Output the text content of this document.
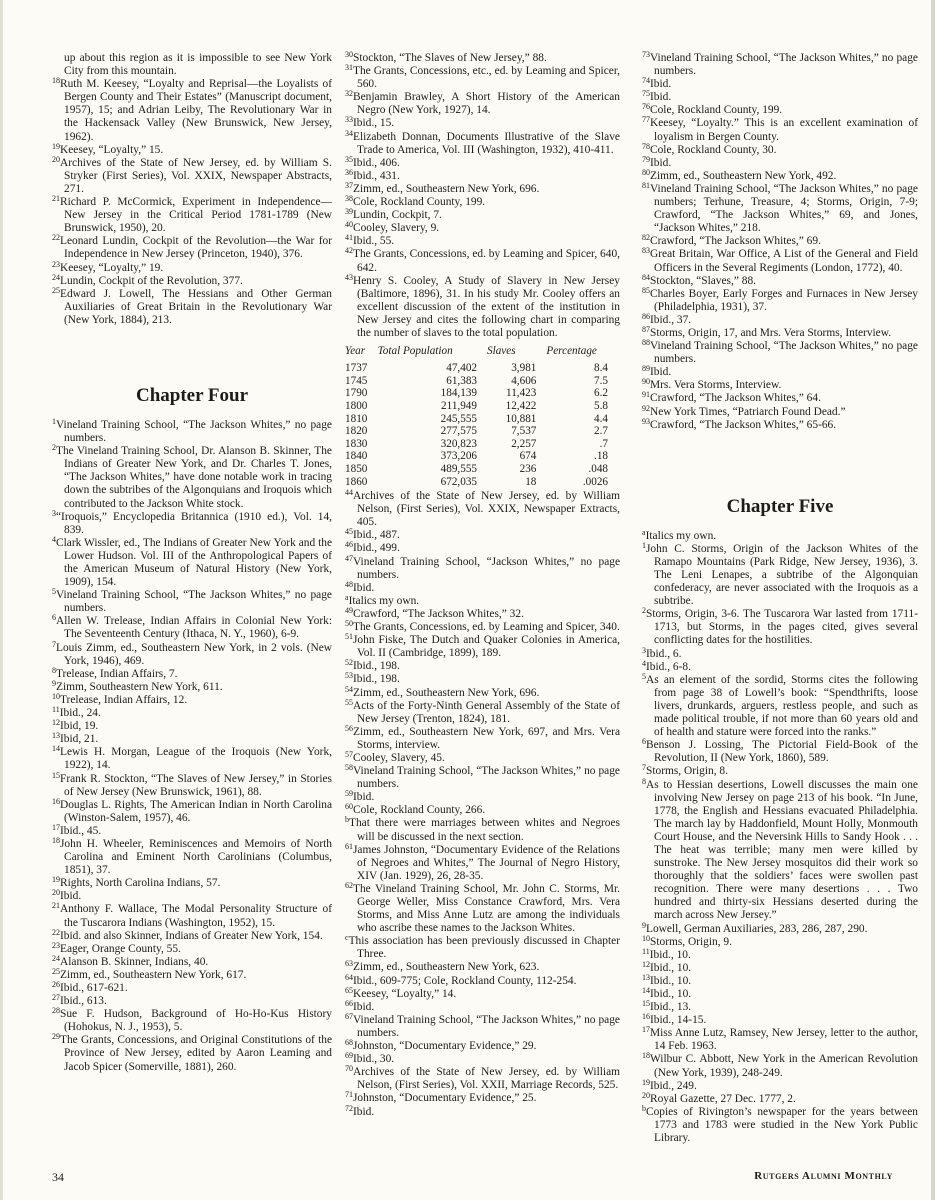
up about this region as it is impossible to see New York City from this mountain.

$^{18}$Ruth M. Keesey, “Loyalty and Reprisal—the Loyalists of Bergen County and Their Estates” (Manuscript document, 1957), 15; and Adrian Leiby, The Revolutionary War in the Hackensack Valley (New Brunswick, New Jersey, 1962).

$^{19}$Keesey, “Loyalty,” 15.

$^{20}$Archives of the State of New Jersey, ed. by William S. Stryker (First Series), Vol. XXIX, Newspaper Abstracts, 271.

$^{21}$Richard P. McCormick, Experiment in Independence—New Jersey in the Critical Period 1781-1789 (New Brunswick, 1950), 20.

$^{22}$Leonard Lundin, Cockpit of the Revolution—the War for Independence in New Jersey (Princeton, 1940), 376.

$^{23}$Keesey, “Loyalty,” 19.

$^{24}$Lundin, Cockpit of the Revolution, 377.

$^{25}$Edward J. Lowell, The Hessians and Other German Auxiliaries of Great Britain in the Revolutionary War (New York, 1884), 213.

Chapter Four

$^1$Vineland Training School, “The Jackson Whites,” no page numbers.

$^2$The Vineland Training School, Dr. Alanson B. Skinner, The Indians of Greater New York, and Dr. Charles T. Jones, “The Jackson Whites,” have done notable work in tracing down the subtribes of the Algonquians and Iroquois which contributed to the Jackson White stock.

$^3$“Iroquois,” Encyclopedia Britannica (1910 ed.), Vol. 14, 839.

$^4$Clark Wissler, ed., The Indians of Greater New York and the Lower Hudson. Vol. III of the Anthropological Papers of the American Museum of Natural History (New York, 1909), 154.

$^5$Vineland Training School, “The Jackson Whites,” no page numbers.

$^6$Allen W. Trelease, Indian Affairs in Colonial New York: The Seventeenth Century (Ithaca, N. Y., 1960), 6-9.

$^7$Louis Zimm, ed., Southeastern New York, in 2 vols. (New York, 1946), 469.

$^8$Trelease, Indian Affairs, 7.

$^9$Zimm, Southeastern New York, 611.

$^{10}$Trelease, Indian Affairs, 12.

$^{11}$Ibid., 24.

$^{12}$Ibid, 19.

$^{13}$Ibid, 21.

$^{14}$Lewis H. Morgan, League of the Iroquois (New York, 1922), 14.

$^{15}$Frank R. Stockton, “The Slaves of New Jersey,” in Stories of New Jersey (New Brunswick, 1961), 88.

$^{16}$Douglas L. Rights, The American Indian in North Carolina (Winston-Salem, 1957), 46.

$^{17}$Ibid., 45.

$^{18}$John H. Wheeler, Reminiscences and Memoirs of North Carolina and Eminent North Carolinians (Columbus, 1851), 37.

$^{19}$Rights, North Carolina Indians, 57.

$^{20}$Ibid.

$^{21}$Anthony F. Wallace, The Modal Personality Structure of the Tuscarora Indians (Washington, 1952), 15.

$^{22}$Ibid. and also Skinner, Indians of Greater New York, 154.

$^{23}$Eager, Orange County, 55.

$^{24}$Alanson B. Skinner, Indians, 40.

$^{25}$Zimm, ed., Southeastern New York, 617.

$^{26}$Ibid., 617-621.

$^{27}$Ibid., 613.

$^{28}$Sue F. Hudson, Background of Ho-Ho-Kus History (Hohokus, N. J., 1953), 5.

$^{29}$The Grants, Concessions, and Original Constitutions of the Province of New Jersey, edited by Aaron Leaming and Jacob Spicer (Somerville, 1881), 260.

$^{30}$Stockton, “The Slaves of New Jersey,” 88.

$^{31}$The Grants, Concessions, etc., ed. by Leaming and Spicer, 560.

$^{32}$Benjamin Brawley, A Short History of the American Negro (New York, 1927), 14.

$^{33}$Ibid., 15.

$^{34}$Elizabeth Donnan, Documents Illustrative of the Slave Trade to America, Vol. III (Washington, 1932), 410-411.

$^{35}$Ibid., 406.

$^{36}$Ibid., 431.

$^{37}$Zimm, ed., Southeastern New York, 696.

$^{38}$Cole, Rockland County, 199.

$^{39}$Lundin, Cockpit, 7.

$^{40}$Cooley, Slavery, 9.

$^{41}$Ibid., 55.

$^{42}$The Grants, Concessions, ed. by Leaming and Spicer, 640, 642.

$^{43}$Henry S. Cooley, A Study of Slavery in New Jersey (Baltimore, 1896), 31. In his study Mr. Cooley offers an excellent discussion of the extent of the institution in New Jersey and cites the following chart in comparing the number of slaves to the total population.

Year	Total Population	Slaves	Percentage
1737	47,402	3,981	8.4
1745	61,383	4,606	7.5
1790	184,139	11,423	6.2
1800	211,949	12,422	5.8
1810	245,555	10,881	4.4
1820	277,575	7,537	2.7
1830	320,823	2,257	.7
1840	373,206	674	.18
1850	489,555	236	.048
1860	672,035	18	.0026

$^{44}$Archives of the State of New Jersey, ed. by William Nelson, (First Series), Vol. XXIX, Newspaper Extracts, 405.

$^{45}$Ibid., 487.

$^{46}$Ibid., 499.

$^{47}$Vineland Training School, “Jackson Whites,” no page numbers.

$^{48}$Ibid.

$^a$Italics my own.

$^{49}$Crawford, “The Jackson Whites,” 32.

$^{50}$The Grants, Concessions, ed. by Leaming and Spicer, 340.

$^{51}$John Fiske, The Dutch and Quaker Colonies in America, Vol. II (Cambridge, 1899), 189.

$^{52}$Ibid., 198.

$^{53}$Ibid., 198.

$^{54}$Zimm, ed., Southeastern New York, 696.

$^{55}$Acts of the Forty-Ninth General Assembly of the State of New Jersey (Trenton, 1824), 181.

$^{56}$Zimm, ed., Southeastern New York, 697, and Mrs. Vera Storms, interview.

$^{57}$Cooley, Slavery, 45.

$^{58}$Vineland Training School, “The Jackson Whites,” no page numbers.

$^{59}$Ibid.

$^{60}$Cole, Rockland County, 266.

$^b$That there were marriages between whites and Negroes will be discussed in the next section.

$^{61}$James Johnston, “Documentary Evidence of the Relations of Negroes and Whites,” The Journal of Negro History, XIV (Jan. 1929), 26, 28-35.

$^{62}$The Vineland Training School, Mr. John C. Storms, Mr. George Weller, Miss Constance Crawford, Mrs. Vera Storms, and Miss Anne Lutz are among the individuals who ascribe these names to the Jackson Whites.

$^c$This association has been previously discussed in Chapter Three.

$^{63}$Zimm, ed., Southeastern New York, 623.

$^{64}$Ibid., 609-775; Cole, Rockland County, 112-254.

$^{65}$Keesey, “Loyalty,” 14.

$^{66}$Ibid.

$^{67}$Vineland Training School, “The Jackson Whites,” no page numbers.

$^{68}$Johnston, “Documentary Evidence,” 29.

$^{69}$Ibid., 30.

$^{70}$Archives of the State of New Jersey, ed. by William Nelson, (First Series), Vol. XXII, Marriage Records, 525.

$^{71}$Johnston, “Documentary Evidence,” 25.

$^{72}$Ibid.

$^{73}$Vineland Training School, “The Jackson Whites,” no page numbers.

$^{74}$Ibid.

$^{75}$Ibid.

$^{76}$Cole, Rockland County, 199.

$^{77}$Keesey, “Loyalty.” This is an excellent examination of loyalism in Bergen County.

$^{78}$Cole, Rockland County, 30.

$^{79}$Ibid.

$^{80}$Zimm, ed., Southeastern New York, 492.

$^{81}$Vineland Training School, “The Jackson Whites,” no page numbers; Terhune, Treasure, 4; Storms, Origin, 7-9; Crawford, “The Jackson Whites,” 69, and Jones, “Jackson Whites,” 218.

$^{82}$Crawford, “The Jackson Whites,” 69.

$^{83}$Great Britain, War Office, A List of the General and Field Officers in the Several Regiments (London, 1772), 40.

$^{84}$Stockton, “Slaves,” 88.

$^{85}$Charles Boyer, Early Forges and Furnaces in New Jersey (Philadelphia, 1931), 37.

$^{86}$Ibid., 37.

$^{87}$Storms, Origin, 17, and Mrs. Vera Storms, Interview.

$^{88}$Vineland Training School, “The Jackson Whites,” no page numbers.

$^{89}$Ibid.

$^{90}$Mrs. Vera Storms, Interview.

$^{91}$Crawford, “The Jackson Whites,” 64.

$^{92}$New York Times, “Patriarch Found Dead.”

$^{93}$Crawford, “The Jackson Whites,” 65-66.

Chapter Five

$^a$Italics my own.

$^1$John C. Storms, Origin of the Jackson Whites of the Ramapo Mountains (Park Ridge, New Jersey, 1936), 3. The Leni Lenapes, a subtribe of the Algonquian confederacy, are never associated with the Iroquois as a subtribe.

$^2$Storms, Origin, 3-6. The Tuscarora War lasted from 1711-1713, but Storms, in the pages cited, gives several conflicting dates for the hostilities.

$^3$Ibid., 6.

$^4$Ibid., 6-8.

$^5$As an element of the sordid, Storms cites the following from page 38 of Lowell’s book: “Spendthrifts, loose livers, drunkards, arguers, restless people, and such as made political trouble, if not more than 60 years old and of health and stature were forced into the ranks.”

$^6$Benson J. Lossing, The Pictorial Field-Book of the Revolution, II (New York, 1860), 589.

$^7$Storms, Origin, 8.

$^8$As to Hessian desertions, Lowell discusses the main one involving New Jersey on page 213 of his book. “In June, 1778, the English and Hessians evacuated Philadelphia. The march lay by Haddonfield, Mount Holly, Monmouth Court House, and the Neversink Hills to Sandy Hook . . . The heat was terrible; many men were killed by sunstroke. The New Jersey mosquitos did their work so thoroughly that the soldiers’ faces were swollen past recognition. There were many desertions . . . Two hundred and thirty-six Hessians deserted during the march across New Jersey.”

$^9$Lowell, German Auxiliaries, 283, 286, 287, 290.

$^{10}$Storms, Origin, 9.

$^{11}$Ibid., 10.

$^{12}$Ibid., 10.

$^{13}$Ibid., 10.

$^{14}$Ibid., 10.

$^{15}$Ibid., 13.

$^{16}$Ibid., 14-15.

$^{17}$Miss Anne Lutz, Ramsey, New Jersey, letter to the author, 14 Feb. 1963.

$^{18}$Wilbur C. Abbott, New York in the American Revolution (New York, 1939), 248-249.

$^{19}$Ibid., 249.

$^{20}$Royal Gazette, 27 Dec. 1777, 2.

$^b$Copies of Rivington’s newspaper for the years between 1773 and 1783 were studied in the New York Public Library.

34	Rutgers Alumni Monthly
